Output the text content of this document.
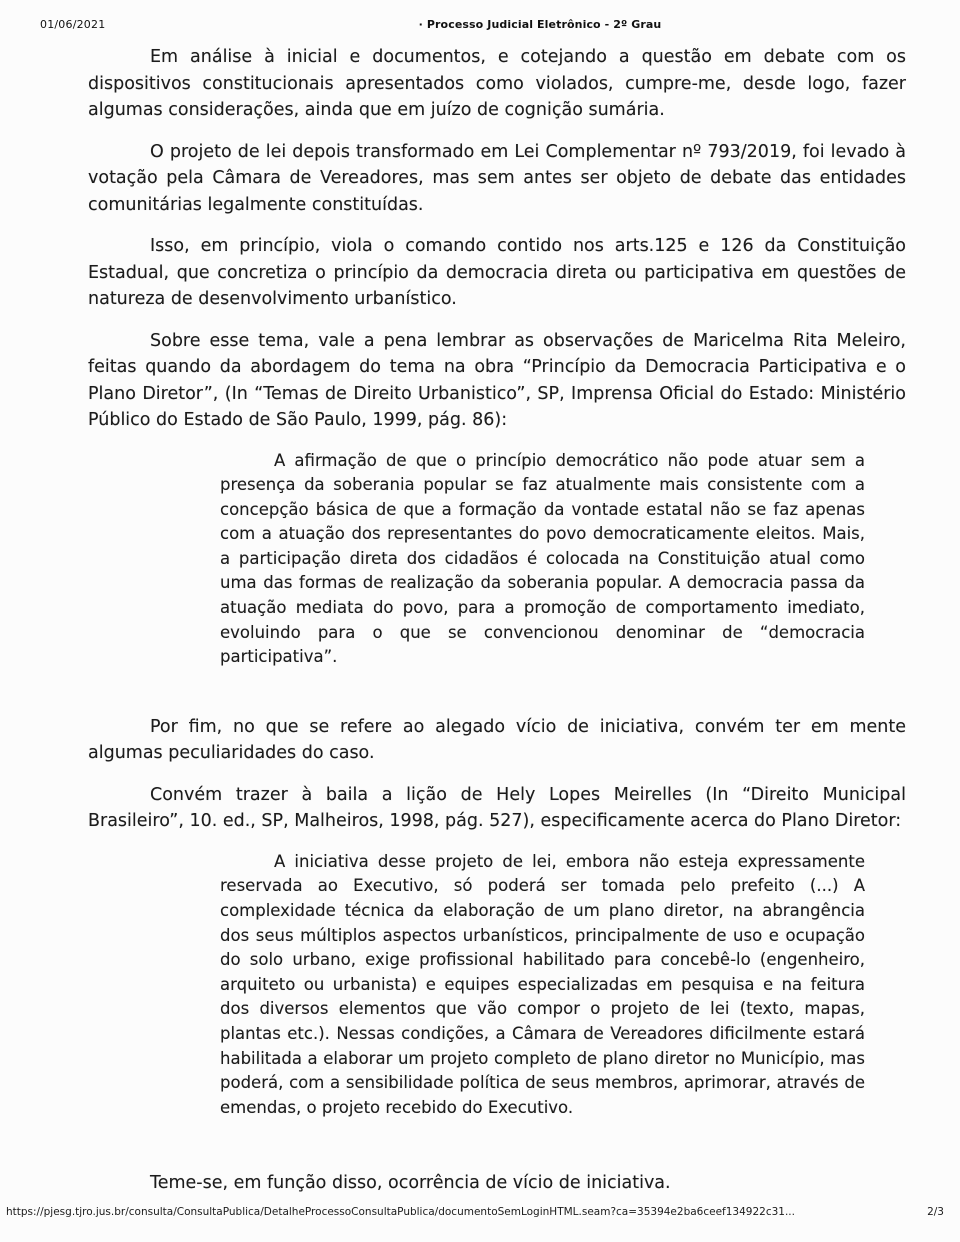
01/06/2021	· Processo Judicial Eletrônico - 2º Grau

Em análise à inicial e documentos, e cotejando a questão em debate com os dispositivos constitucionais apresentados como violados, cumpre-me, desde logo, fazer algumas considerações, ainda que em juízo de cognição sumária.

O projeto de lei depois transformado em Lei Complementar nº 793/2019, foi levado à votação pela Câmara de Vereadores, mas sem antes ser objeto de debate das entidades comunitárias legalmente constituídas.

Isso, em princípio, viola o comando contido nos arts.125 e 126 da Constituição Estadual, que concretiza o princípio da democracia direta ou participativa em questões de natureza de desenvolvimento urbanístico.

Sobre esse tema, vale a pena lembrar as observações de Maricelma Rita Meleiro, feitas quando da abordagem do tema na obra “Princípio da Democracia Participativa e o Plano Diretor”, (In “Temas de Direito Urbanistico”, SP, Imprensa Oficial do Estado: Ministério Público do Estado de São Paulo, 1999, pág. 86):

A afirmação de que o princípio democrático não pode atuar sem a presença da soberania popular se faz atualmente mais consistente com a concepção básica de que a formação da vontade estatal não se faz apenas com a atuação dos representantes do povo democraticamente eleitos. Mais, a participação direta dos cidadãos é colocada na Constituição atual como uma das formas de realização da soberania popular. A democracia passa da atuação mediata do povo, para a promoção de comportamento imediato, evoluindo para o que se convencionou denominar de “democracia participativa”.

Por fim, no que se refere ao alegado vício de iniciativa, convém ter em mente algumas peculiaridades do caso.

Convém trazer à baila a lição de Hely Lopes Meirelles (In “Direito Municipal Brasileiro”, 10. ed., SP, Malheiros, 1998, pág. 527), especificamente acerca do Plano Diretor:

A iniciativa desse projeto de lei, embora não esteja expressamente reservada ao Executivo, só poderá ser tomada pelo prefeito (...) A complexidade técnica da elaboração de um plano diretor, na abrangência dos seus múltiplos aspectos urbanísticos, principalmente de uso e ocupação do solo urbano, exige profissional habilitado para concebê-lo (engenheiro, arquiteto ou urbanista) e equipes especializadas em pesquisa e na feitura dos diversos elementos que vão compor o projeto de lei (texto, mapas, plantas etc.). Nessas condições, a Câmara de Vereadores dificilmente estará habilitada a elaborar um projeto completo de plano diretor no Município, mas poderá, com a sensibilidade política de seus membros, aprimorar, através de emendas, o projeto recebido do Executivo.

Teme-se, em função disso, ocorrência de vício de iniciativa.

https://pjesg.tjro.jus.br/consulta/ConsultaPublica/DetalheProcessoConsultaPublica/documentoSemLoginHTML.seam?ca=35394e2ba6ceef134922c31...	2/3
